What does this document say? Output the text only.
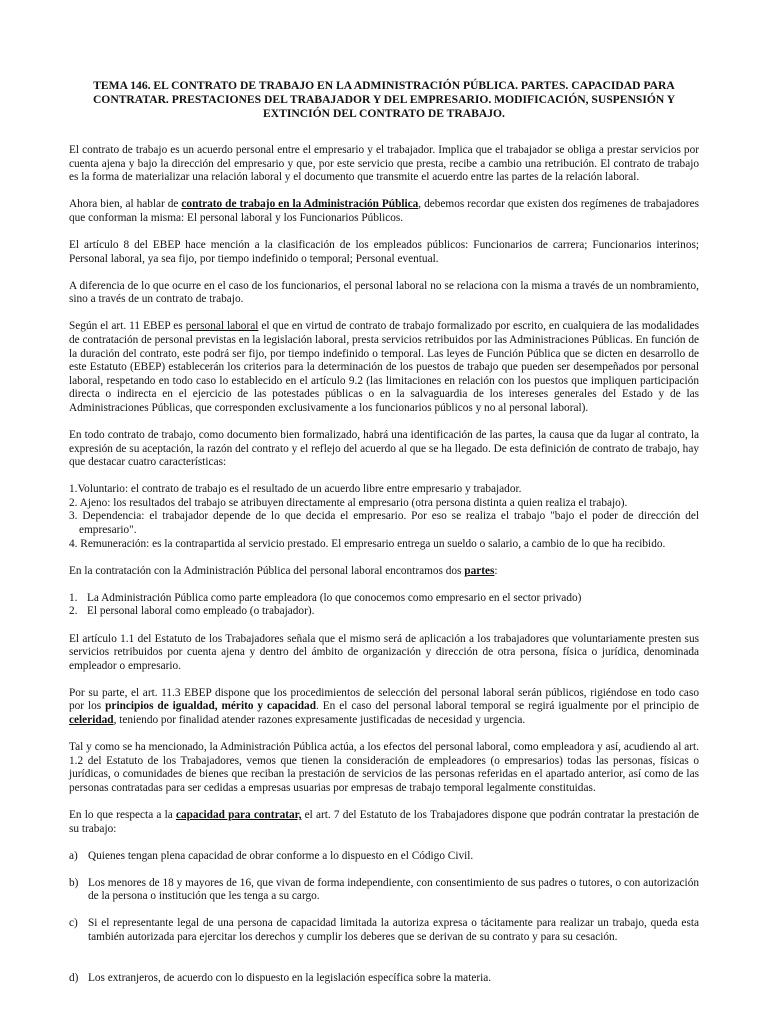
TEMA 146. EL CONTRATO DE TRABAJO EN LA ADMINISTRACIÓN PÚBLICA. PARTES. CAPACIDAD PARA CONTRATAR. PRESTACIONES DEL TRABAJADOR Y DEL EMPRESARIO. MODIFICACIÓN, SUSPENSIÓN Y EXTINCIÓN DEL CONTRATO DE TRABAJO.

El contrato de trabajo es un acuerdo personal entre el empresario y el trabajador. Implica que el trabajador se obliga a prestar servicios por cuenta ajena y bajo la dirección del empresario y que, por este servicio que presta, recibe a cambio una retribución. El contrato de trabajo es la forma de materializar una relación laboral y el documento que transmite el acuerdo entre las partes de la relación laboral.

Ahora bien, al hablar de contrato de trabajo en la Administración Pública, debemos recordar que existen dos regímenes de trabajadores que conforman la misma: El personal laboral y los Funcionarios Públicos.

El artículo 8 del EBEP hace mención a la clasificación de los empleados públicos: Funcionarios de carrera; Funcionarios interinos; Personal laboral, ya sea fijo, por tiempo indefinido o temporal; Personal eventual.

A diferencia de lo que ocurre en el caso de los funcionarios, el personal laboral no se relaciona con la misma a través de un nombramiento, sino a través de un contrato de trabajo.

Según el art. 11 EBEP es personal laboral el que en virtud de contrato de trabajo formalizado por escrito, en cualquiera de las modalidades de contratación de personal previstas en la legislación laboral, presta servicios retribuidos por las Administraciones Públicas. En función de la duración del contrato, este podrá ser fijo, por tiempo indefinido o temporal. Las leyes de Función Pública que se dicten en desarrollo de este Estatuto (EBEP) establecerán los criterios para la determinación de los puestos de trabajo que pueden ser desempeñados por personal laboral, respetando en todo caso lo establecido en el artículo 9.2 (las limitaciones en relación con los puestos que impliquen participación directa o indirecta en el ejercicio de las potestades públicas o en la salvaguardia de los intereses generales del Estado y de las Administraciones Públicas, que corresponden exclusivamente a los funcionarios públicos y no al personal laboral).

En todo contrato de trabajo, como documento bien formalizado, habrá una identificación de las partes, la causa que da lugar al contrato, la expresión de su aceptación, la razón del contrato y el reflejo del acuerdo al que se ha llegado. De esta definición de contrato de trabajo, hay que destacar cuatro características:

1.Voluntario: el contrato de trabajo es el resultado de un acuerdo libre entre empresario y trabajador.
2. Ajeno: los resultados del trabajo se atribuyen directamente al empresario (otra persona distinta a quien realiza el trabajo).
3. Dependencia: el trabajador depende de lo que decida el empresario. Por eso se realiza el trabajo "bajo el poder de dirección del empresario".
4. Remuneración: es la contrapartida al servicio prestado. El empresario entrega un sueldo o salario, a cambio de lo que ha recibido.

En la contratación con la Administración Pública del personal laboral encontramos dos partes:

1. La Administración Pública como parte empleadora (lo que conocemos como empresario en el sector privado)
2. El personal laboral como empleado (o trabajador).

El artículo 1.1 del Estatuto de los Trabajadores señala que el mismo será de aplicación a los trabajadores que voluntariamente presten sus servicios retribuidos por cuenta ajena y dentro del ámbito de organización y dirección de otra persona, física o jurídica, denominada empleador o empresario.

Por su parte, el art. 11.3 EBEP dispone que los procedimientos de selección del personal laboral serán públicos, rigiéndose en todo caso por los principios de igualdad, mérito y capacidad. En el caso del personal laboral temporal se regirá igualmente por el principio de celeridad, teniendo por finalidad atender razones expresamente justificadas de necesidad y urgencia.

Tal y como se ha mencionado, la Administración Pública actúa, a los efectos del personal laboral, como empleadora y así, acudiendo al art. 1.2 del Estatuto de los Trabajadores, vemos que tienen la consideración de empleadores (o empresarios) todas las personas, físicas o jurídicas, o comunidades de bienes que reciban la prestación de servicios de las personas referidas en el apartado anterior, así como de las personas contratadas para ser cedidas a empresas usuarias por empresas de trabajo temporal legalmente constituidas.

En lo que respecta a la capacidad para contratar, el art. 7 del Estatuto de los Trabajadores dispone que podrán contratar la prestación de su trabajo:

a) Quienes tengan plena capacidad de obrar conforme a lo dispuesto en el Código Civil.
b) Los menores de 18 y mayores de 16, que vivan de forma independiente, con consentimiento de sus padres o tutores, o con autorización de la persona o institución que les tenga a su cargo.
c) Si el representante legal de una persona de capacidad limitada la autoriza expresa o tácitamente para realizar un trabajo, queda esta también autorizada para ejercitar los derechos y cumplir los deberes que se derivan de su contrato y para su cesación.
d) Los extranjeros, de acuerdo con lo dispuesto en la legislación específica sobre la materia.
